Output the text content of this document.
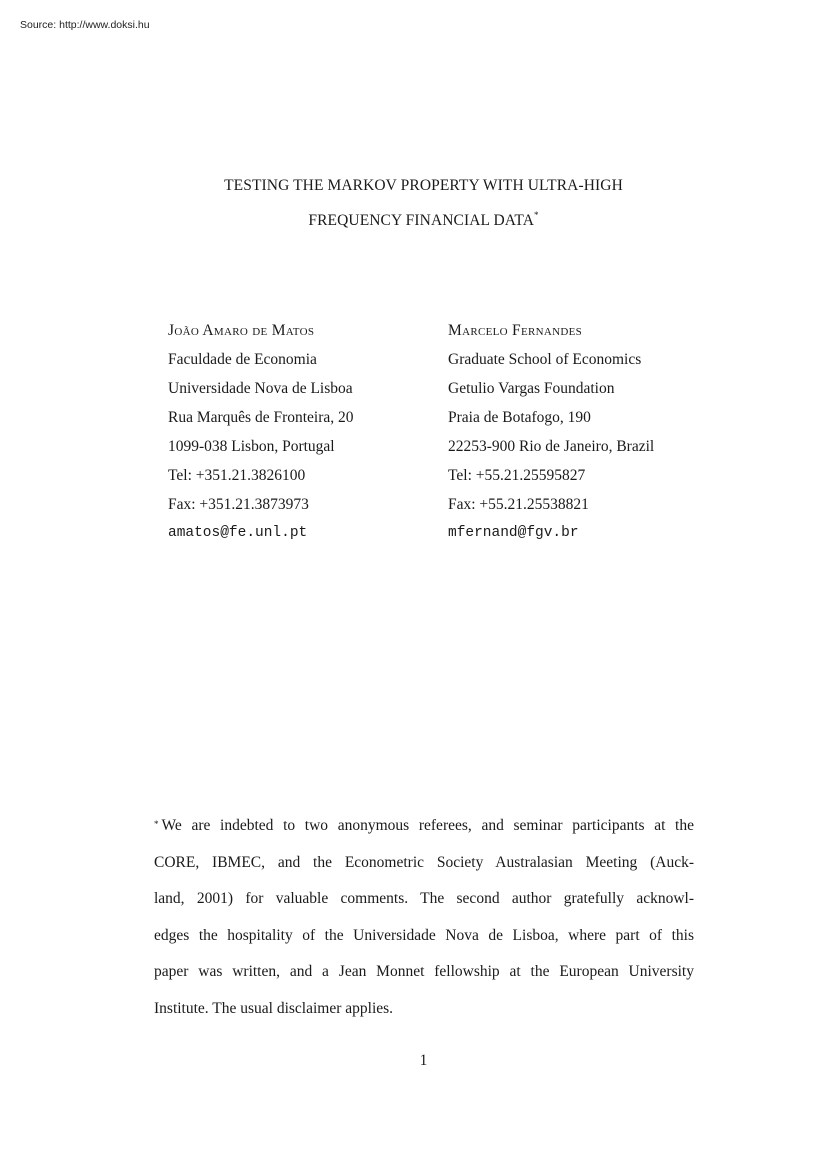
Source: http://www.doksi.hu
TESTING THE MARKOV PROPERTY WITH ULTRA-HIGH
FREQUENCY FINANCIAL DATA*
João Amaro de Matos
Faculdade de Economia
Universidade Nova de Lisboa
Rua Marquês de Fronteira, 20
1099-038 Lisbon, Portugal
Tel: +351.21.3826100
Fax: +351.21.3873973
amatos@fe.unl.pt
Marcelo Fernandes
Graduate School of Economics
Getulio Vargas Foundation
Praia de Botafogo, 190
22253-900 Rio de Janeiro, Brazil
Tel: +55.21.25595827
Fax: +55.21.25538821
mfernand@fgv.br
* We are indebted to two anonymous referees, and seminar participants at the
CORE, IBMEC, and the Econometric Society Australasian Meeting (Auck-
land, 2001) for valuable comments. The second author gratefully acknowl-
edges the hospitality of the Universidade Nova de Lisboa, where part of this
paper was written, and a Jean Monnet fellowship at the European University
Institute. The usual disclaimer applies.
1
